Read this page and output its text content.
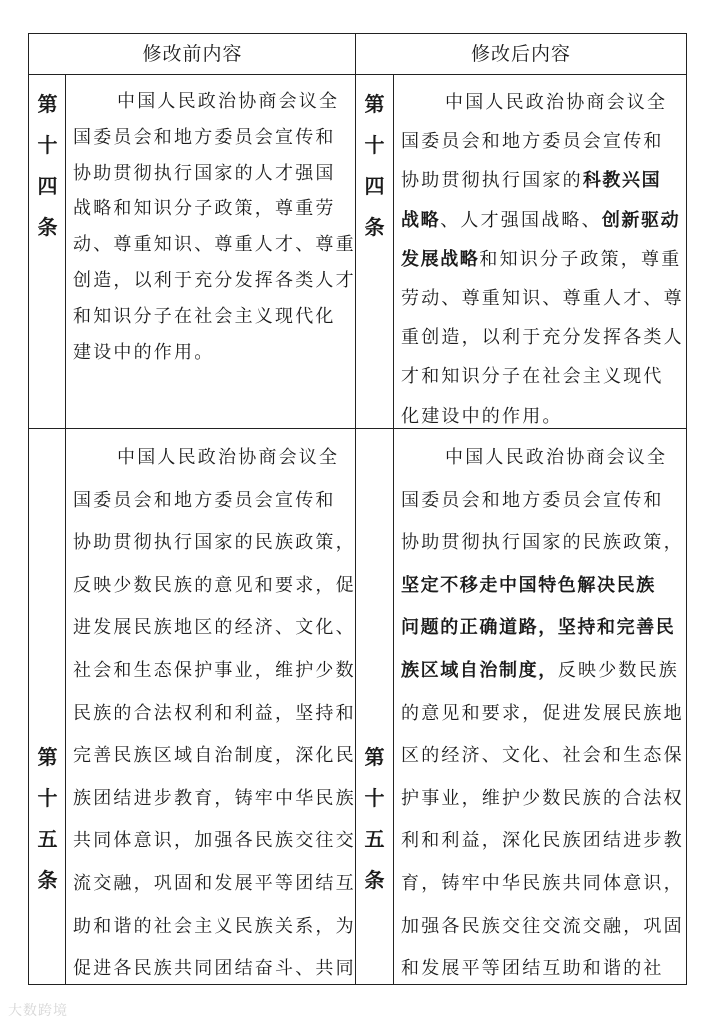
修改前内容	修改后内容
第
十
四
条
第
十
四
条
第
十
五
条
第
十
五
条
中国人民政治协商会议全
国委员会和地方委员会宣传和
协助贯彻执行国家的人才强国
战略和知识分子政策，尊重劳
动、尊重知识、尊重人才、尊重
创造，以利于充分发挥各类人才
和知识分子在社会主义现代化
建设中的作用。
中国人民政治协商会议全
国委员会和地方委员会宣传和
协助贯彻执行国家的科教兴国
战略、人才强国战略、创新驱动
发展战略和知识分子政策，尊重
劳动、尊重知识、尊重人才、尊
重创造，以利于充分发挥各类人
才和知识分子在社会主义现代
化建设中的作用。
中国人民政治协商会议全
国委员会和地方委员会宣传和
协助贯彻执行国家的民族政策，
反映少数民族的意见和要求，促
进发展民族地区的经济、文化、
社会和生态保护事业，维护少数
民族的合法权利和利益，坚持和
完善民族区域自治制度，深化民
族团结进步教育，铸牢中华民族
共同体意识，加强各民族交往交
流交融，巩固和发展平等团结互
助和谐的社会主义民族关系，为
促进各民族共同团结奋斗、共同
中国人民政治协商会议全
国委员会和地方委员会宣传和
协助贯彻执行国家的民族政策，
坚定不移走中国特色解决民族
问题的正确道路，坚持和完善民
族区域自治制度，反映少数民族
的意见和要求，促进发展民族地
区的经济、文化、社会和生态保
护事业，维护少数民族的合法权
利和利益，深化民族团结进步教
育，铸牢中华民族共同体意识，
加强各民族交往交流交融，巩固
和发展平等团结互助和谐的社
大数跨境
